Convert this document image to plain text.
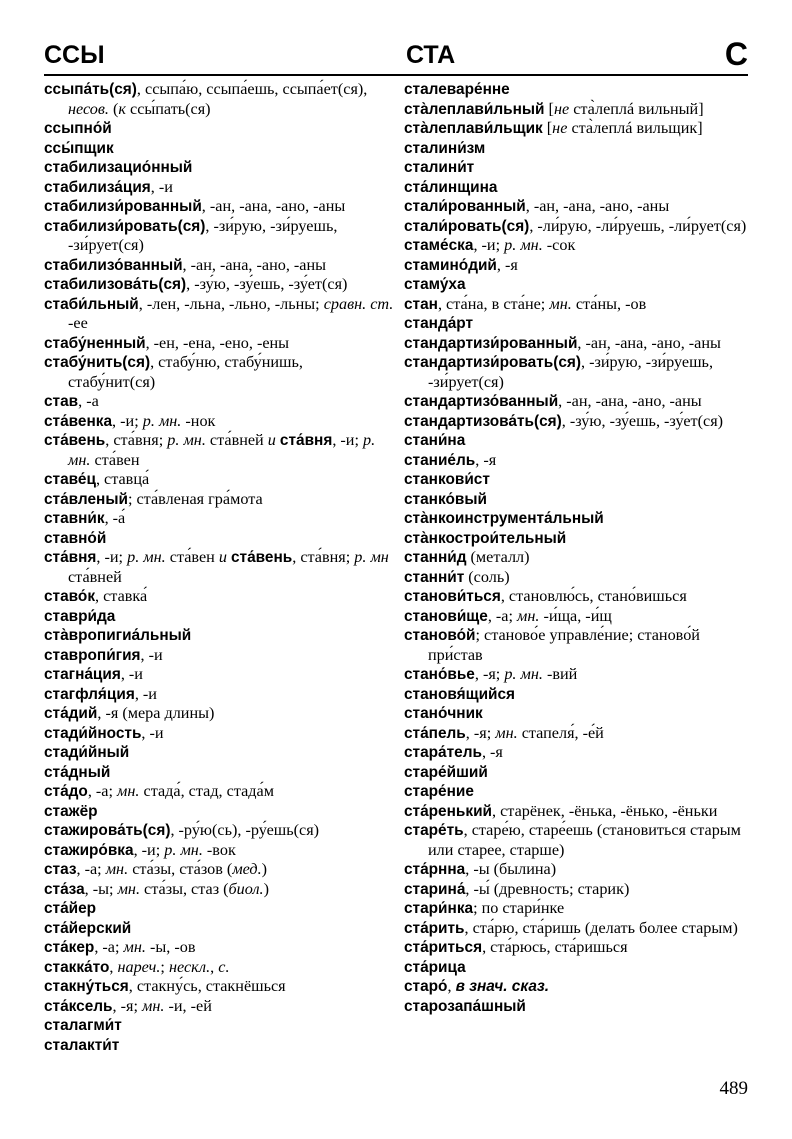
ССЫ	СТА	С

ссыпа́ть(ся), ссыпа́ю, ссыпа́ешь, ссыпа́ет(ся), несов. (к ссы́пать(ся)

ссыпно́й

ссы́пщик

стабилизацио́нный

стабилиза́ция, -и

стабилизи́рованный, -ан, -ана, -ано, -аны

стабилизи́ровать(ся), -зи́рую, -зи́руешь, -зи́рует(ся)

стабилизо́ванный, -ан, -ана, -ано, -аны

стабилизова́ть(ся), -зу́ю, -зу́ешь, -зу́ет(ся)

стаби́льный, -лен, -льна, -льно, -льны; сравн. ст. -ее

стабу́ненный, -ен, -ена, -ено, -ены

стабу́нить(ся), стабу́ню, стабу́нишь, стабу́нит(ся)

став, -а

ста́венка, -и; р. мн. -нок

ста́вень, ста́вня; р. мн. ста́вней и ста́вня, -и; р. мн. ста́вен

ставе́ц, ставца́

ста́вленый; ста́вленая гра́мота

ставни́к, -а́

ставно́й

ста́вня, -и; р. мн. ста́вен и ста́вень, ста́вня; р. мн ста́вней

ставо́к, ставка́

ставри́да

ста̀вропигиа́льный

ставропи́гия, -и

стагна́ция, -и

стагфля́ция, -и

ста́дий, -я (мера длины)

стади́йность, -и

стади́йный

ста́дный

ста́до, -а; мн. стада́, стад, стада́м

стажёр

стажирова́ть(ся), -ру́ю(сь), -ру́ешь(ся)

стажиро́вка, -и; р. мн. -вок

стаз, -а; мн. ста́зы, ста́зов (мед.)

ста́за, -ы; мн. ста́зы, стаз (биол.)

ста́йер

ста́йерский

ста́кер, -а; мн. -ы, -ов

стакка́то, нареч.; нескл., с.

стакну́ться, стакну́сь, стакнёшься

ста́ксель, -я; мн. -и, -ей

сталагми́т

сталакти́т

сталеваре́нне

ста̀леплави́льный [не ста̀леплá вильный]

ста̀леплави́льщик [не ста̀леплá вильщик]

сталини́зм

сталини́т

ста́линщина

стали́рованный, -ан, -ана, -ано, -аны

стали́ровать(ся), -ли́рую, -ли́руешь, -ли́рует(ся)

стаме́ска, -и; р. мн. -сок

стамино́дий, -я

стаму́ха

стан, ста́на, в ста́не; мн. ста́ны, -ов

станда́рт

стандартизи́рованный, -ан, -ана, -ано, -аны

стандартизи́ровать(ся), -зи́рую, -зи́руешь, -зи́рует(ся)

стандартизо́ванный, -ан, -ана, -ано, -аны

стандартизова́ть(ся), -зу́ю, -зу́ешь, -зу́ет(ся)

стани́на

стание́ль, -я

станкови́ст

станко́вый

ста̀нкоинструмента́льный

ста̀нкострои́тельный

станни́д (металл)

станни́т (соль)

станови́ться, становлю́сь, стано́вишься

станови́ще, -а; мн. -и́ща, -и́щ

станово́й; станово́е управле́ние; станово́й при́став

стано́вье, -я; р. мн. -вий

становя́щийся

стано́чник

ста́пель, -я; мн. стапеля́, -е́й

стара́тель, -я

старе́йший

старе́ние

ста́ренький, старёнек, -ёнька, -ёнько, -ёньки

старе́ть, старе́ю, старе́ешь (становиться старым или старее, старше)

ста́рнна, -ы (былина)

старина́, -ы́ (древность; старик)

стари́нка; по стари́нке

ста́рить, ста́рю, ста́ришь (делать более старым)

ста́риться, ста́рюсь, ста́ришься

ста́рица

старо́, в знач. сказ.

старозапа́шный

489
